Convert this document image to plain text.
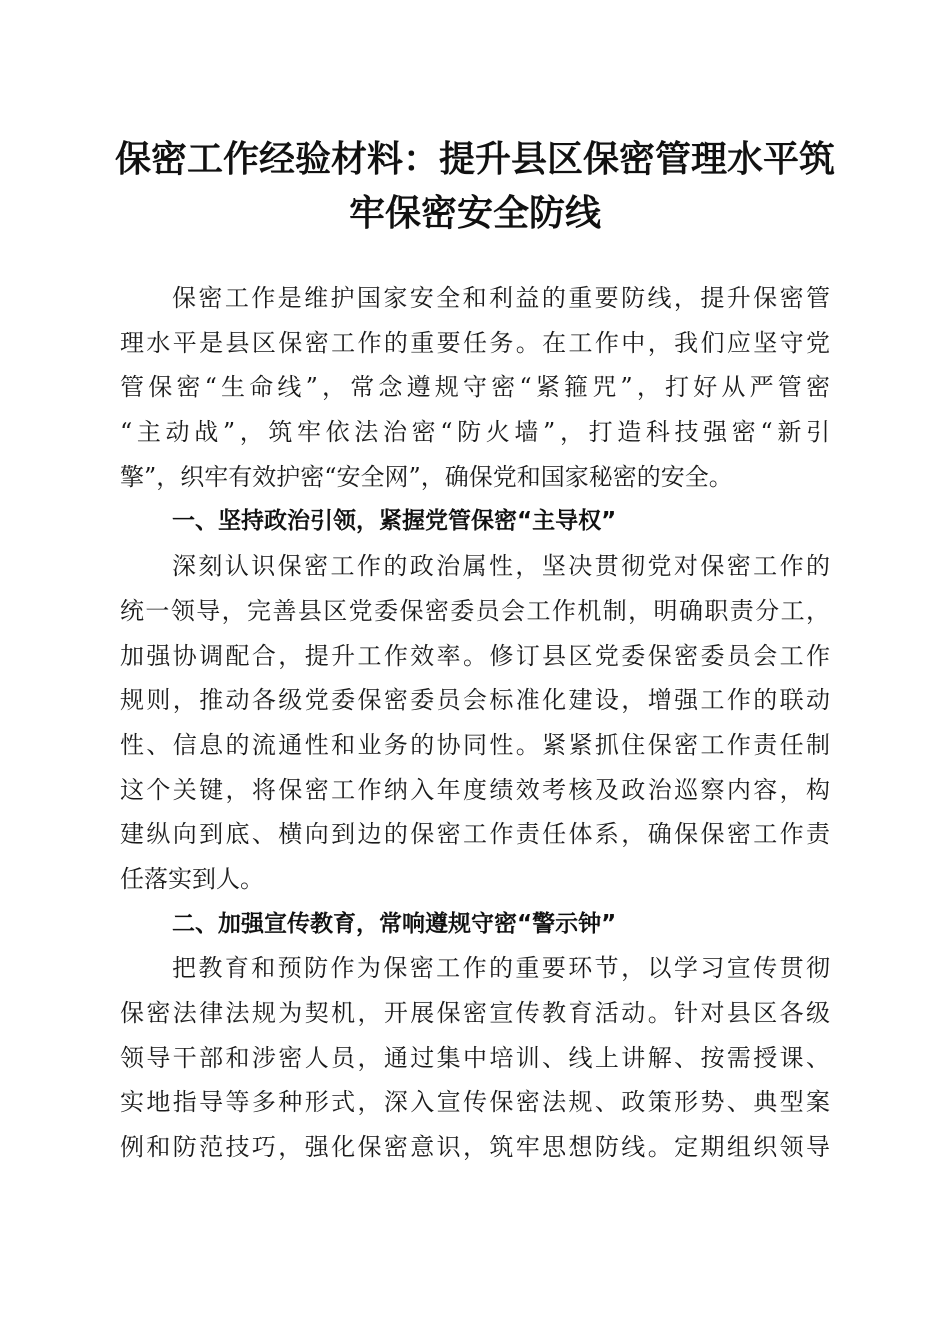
保密工作经验材料：提升县区保密管理水平筑
牢保密安全防线
保密工作是维护国家安全和利益的重要防线，提升保密管
理水平是县区保密工作的重要任务。在工作中，我们应坚守党
管保密“生命线”，常念遵规守密“紧箍咒”，打好从严管密
“主动战”，筑牢依法治密“防火墙”，打造科技强密“新引
擎”，织牢有效护密“安全网”，确保党和国家秘密的安全。
一、坚持政治引领，紧握党管保密“主导权”
深刻认识保密工作的政治属性，坚决贯彻党对保密工作的
统一领导，完善县区党委保密委员会工作机制，明确职责分工，
加强协调配合，提升工作效率。修订县区党委保密委员会工作
规则，推动各级党委保密委员会标准化建设，增强工作的联动
性、信息的流通性和业务的协同性。紧紧抓住保密工作责任制
这个关键，将保密工作纳入年度绩效考核及政治巡察内容，构
建纵向到底、横向到边的保密工作责任体系，确保保密工作责
任落实到人。
二、加强宣传教育，常响遵规守密“警示钟”
把教育和预防作为保密工作的重要环节，以学习宣传贯彻
保密法律法规为契机，开展保密宣传教育活动。针对县区各级
领导干部和涉密人员，通过集中培训、线上讲解、按需授课、
实地指导等多种形式，深入宣传保密法规、政策形势、典型案
例和防范技巧，强化保密意识，筑牢思想防线。定期组织领导
